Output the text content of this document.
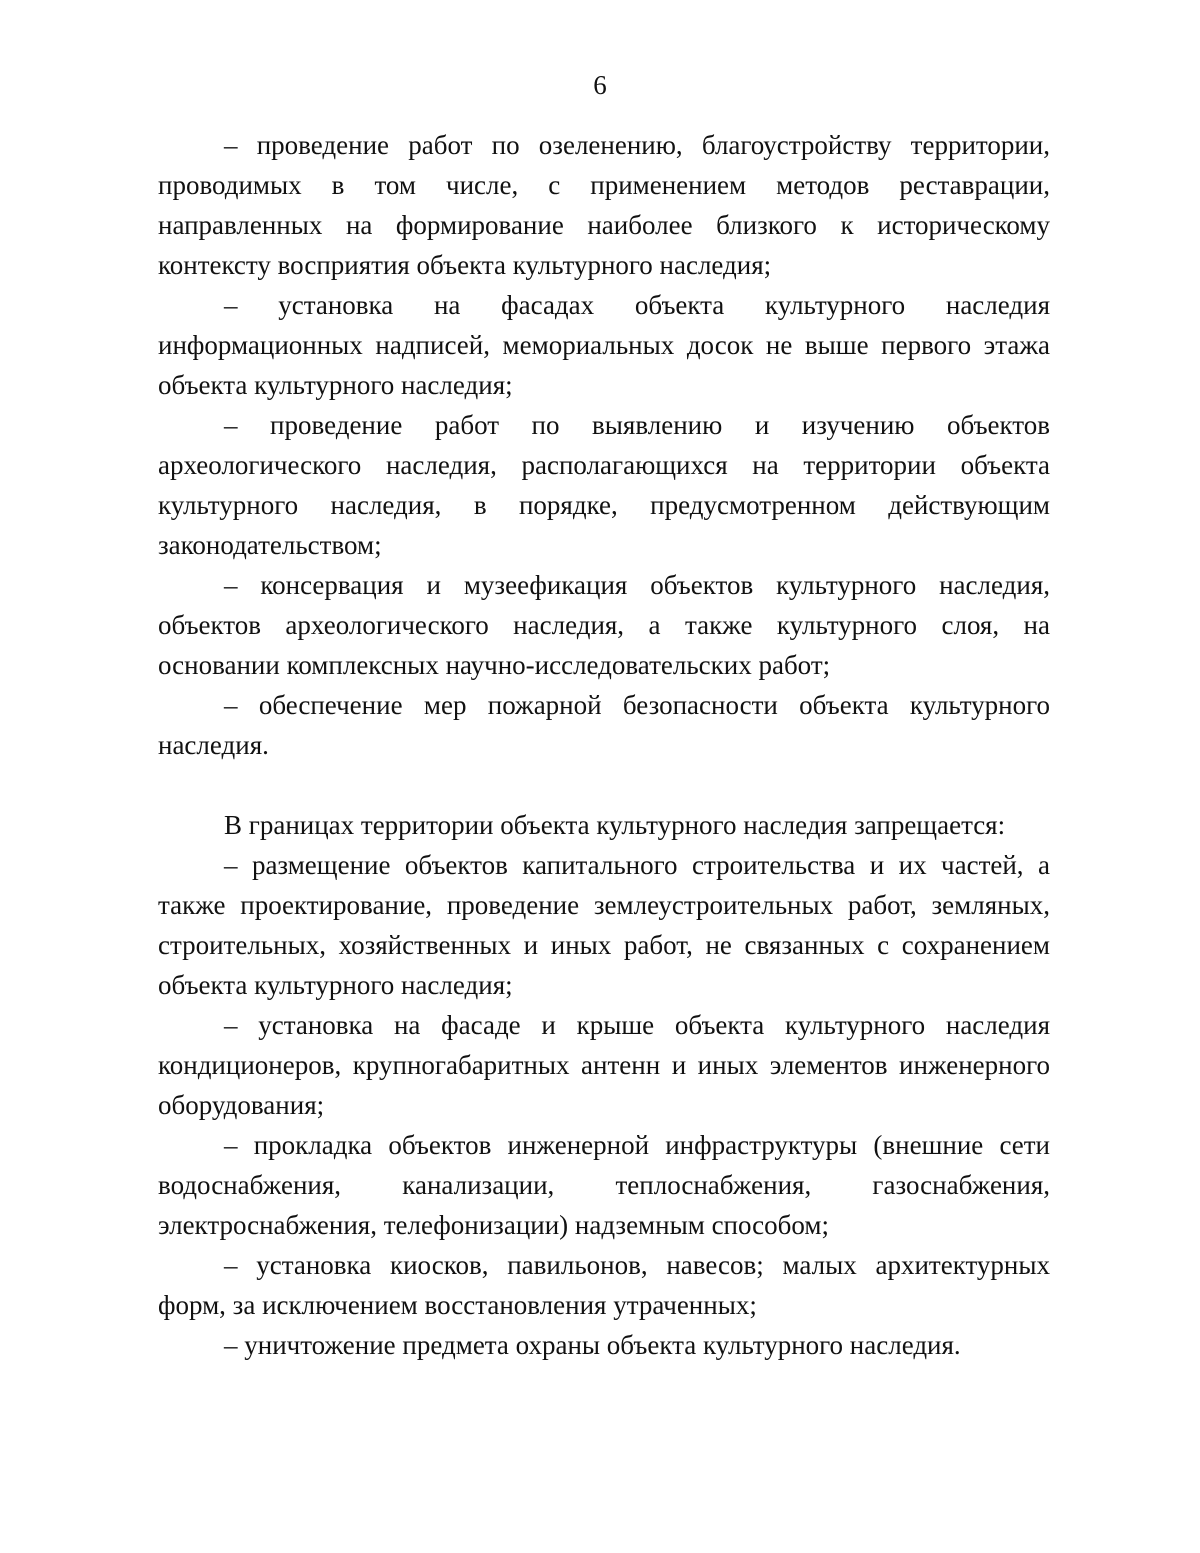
6

– проведение работ по озеленению, благоустройству территории, проводимых в том числе, с применением методов реставрации, направленных на формирование наиболее близкого к историческому контексту восприятия объекта культурного наследия;

– установка на фасадах объекта культурного наследия информационных надписей, мемориальных досок не выше первого этажа объекта культурного наследия;

– проведение работ по выявлению и изучению объектов археологического наследия, располагающихся на территории объекта культурного наследия, в порядке, предусмотренном действующим законодательством;

– консервация и музеефикация объектов культурного наследия, объектов археологического наследия, а также культурного слоя, на основании комплексных научно-исследовательских работ;

– обеспечение мер пожарной безопасности объекта культурного наследия.

В границах территории объекта культурного наследия запрещается:

– размещение объектов капитального строительства и их частей, а также проектирование, проведение землеустроительных работ, земляных, строительных, хозяйственных и иных работ, не связанных с сохранением объекта культурного наследия;

– установка на фасаде и крыше объекта культурного наследия кондиционеров, крупногабаритных антенн и иных элементов инженерного оборудования;

– прокладка объектов инженерной инфраструктуры (внешние сети водоснабжения, канализации, теплоснабжения, газоснабжения, электроснабжения, телефонизации) надземным способом;

– установка киосков, павильонов, навесов; малых архитектурных форм, за исключением восстановления утраченных;

– уничтожение предмета охраны объекта культурного наследия.
